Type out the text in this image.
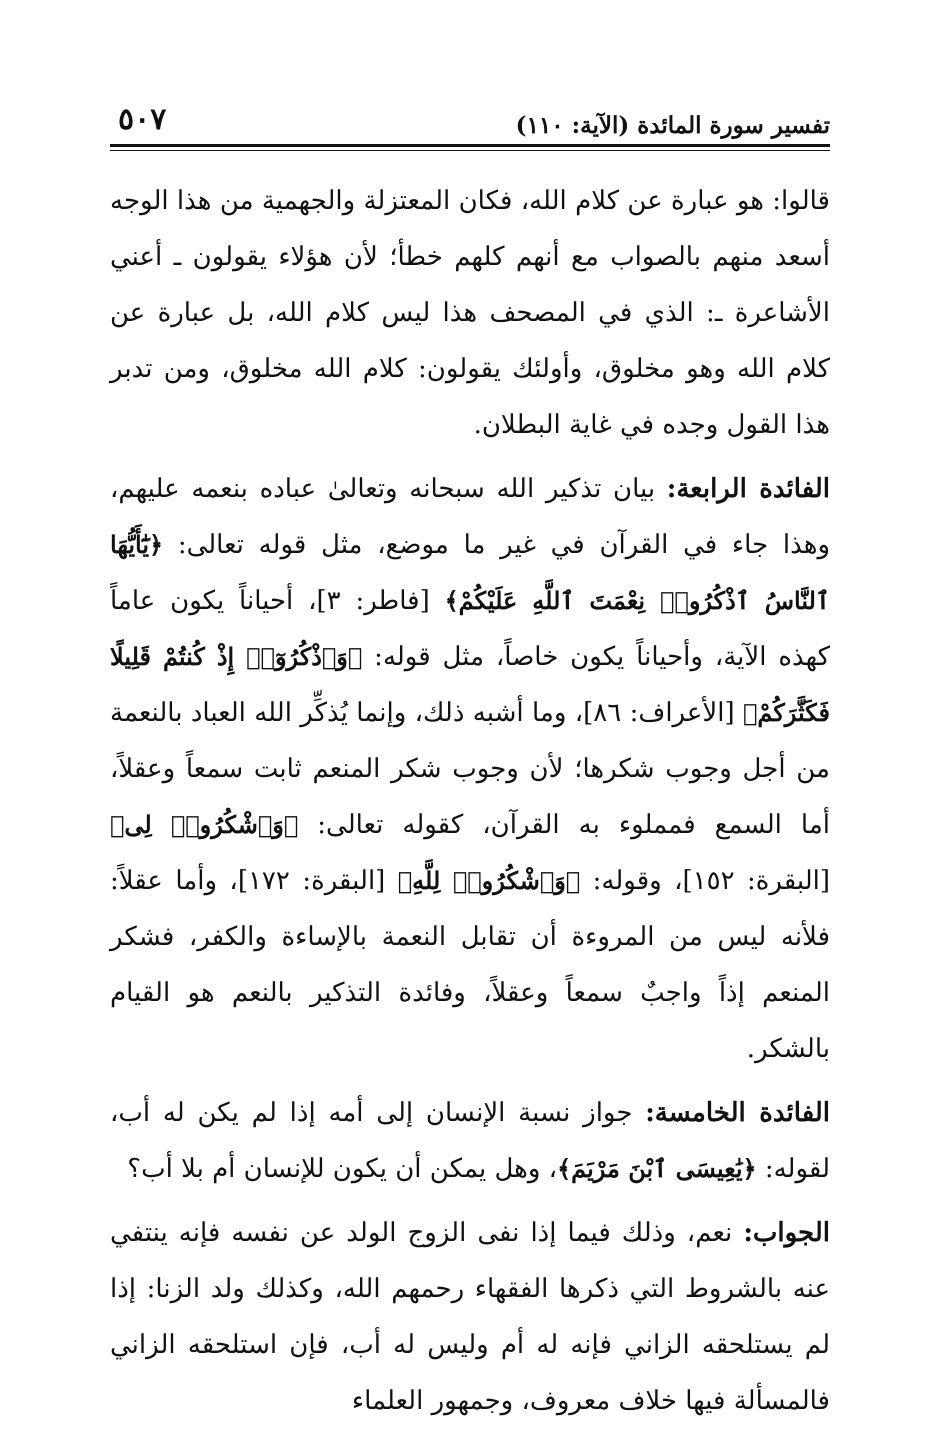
تفسير سورة المائدة (الآية: ١١٠)
٥٠٧

قالوا: هو عبارة عن كلام الله، فكان المعتزلة والجهمية من هذا الوجه أسعد منهم بالصواب مع أنهم كلهم خطأ؛ لأن هؤلاء يقولون ـ أعني الأشاعرة ـ: الذي في المصحف هذا ليس كلام الله، بل عبارة عن كلام الله وهو مخلوق، وأولئك يقولون: كلام الله مخلوق، ومن تدبر هذا القول وجده في غاية البطلان.

الفائدة الرابعة: بيان تذكير الله سبحانه وتعالىٰ عباده بنعمه عليهم، وهذا جاء في القرآن في غير ما موضع، مثل قوله تعالى: ﴿يَٰٓأَيُّهَا ٱلنَّاسُ ٱذْكُرُوا۟ نِعْمَتَ ٱللَّهِ عَلَيْكُمْ﴾ [فاطر: ٣]، أحياناً يكون عاماً كهذه الآية، وأحياناً يكون خاصاً، مثل قوله: ﴿وَٱذْكُرُوٓا۟ إِذْ كُنتُمْ قَلِيلًا فَكَثَّرَكُمْ﴾ [الأعراف: ٨٦]، وما أشبه ذلك، وإنما يُذكِّر الله العباد بالنعمة من أجل وجوب شكرها؛ لأن وجوب شكر المنعم ثابت سمعاً وعقلاً، أما السمع فمملوء به القرآن، كقوله تعالى: ﴿وَٱشْكُرُوا۟ لِى﴾ [البقرة: ١٥٢]، وقوله: ﴿وَٱشْكُرُوا۟ لِلَّهِ﴾ [البقرة: ١٧٢]، وأما عقلاً: فلأنه ليس من المروءة أن تقابل النعمة بالإساءة والكفر، فشكر المنعم إذاً واجبٌ سمعاً وعقلاً، وفائدة التذكير بالنعم هو القيام بالشكر.

الفائدة الخامسة: جواز نسبة الإنسان إلى أمه إذا لم يكن له أب، لقوله: ﴿يَٰعِيسَى ٱبْنَ مَرْيَمَ﴾، وهل يمكن أن يكون للإنسان أم بلا أب؟

الجواب: نعم، وذلك فيما إذا نفى الزوج الولد عن نفسه فإنه ينتفي عنه بالشروط التي ذكرها الفقهاء رحمهم الله، وكذلك ولد الزنا: إذا لم يستلحقه الزاني فإنه له أم وليس له أب، فإن استلحقه الزاني فالمسألة فيها خلاف معروف، وجمهور العلماء
